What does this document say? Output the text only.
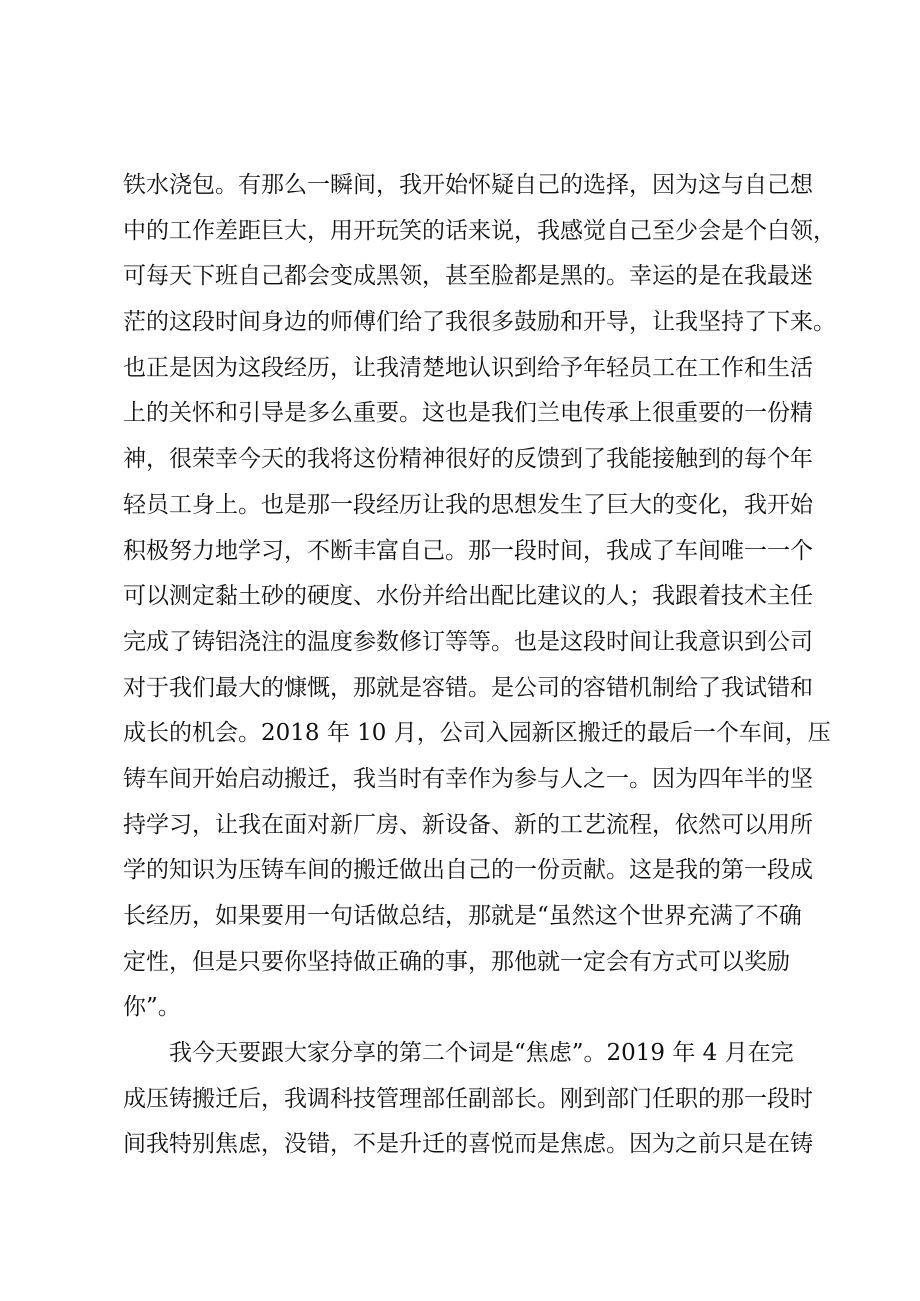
铁水浇包。有那么一瞬间，我开始怀疑自己的选择，因为这与自己想
中的工作差距巨大，用开玩笑的话来说，我感觉自己至少会是个白领，
可每天下班自己都会变成黑领，甚至脸都是黑的。幸运的是在我最迷
茫的这段时间身边的师傅们给了我很多鼓励和开导，让我坚持了下来。
也正是因为这段经历，让我清楚地认识到给予年轻员工在工作和生活
上的关怀和引导是多么重要。这也是我们兰电传承上很重要的一份精
神，很荣幸今天的我将这份精神很好的反馈到了我能接触到的每个年
轻员工身上。也是那一段经历让我的思想发生了巨大的变化，我开始
积极努力地学习，不断丰富自己。那一段时间，我成了车间唯一一个
可以测定黏土砂的硬度、水份并给出配比建议的人；我跟着技术主任
完成了铸铝浇注的温度参数修订等等。也是这段时间让我意识到公司
对于我们最大的慷慨，那就是容错。是公司的容错机制给了我试错和
成长的机会。2018 年 10 月，公司入园新区搬迁的最后一个车间，压
铸车间开始启动搬迁，我当时有幸作为参与人之一。因为四年半的坚
持学习，让我在面对新厂房、新设备、新的工艺流程，依然可以用所
学的知识为压铸车间的搬迁做出自己的一份贡献。这是我的第一段成
长经历，如果要用一句话做总结，那就是“虽然这个世界充满了不确
定性，但是只要你坚持做正确的事，那他就一定会有方式可以奖励
你”。
我今天要跟大家分享的第二个词是“焦虑”。2019 年 4 月在完
成压铸搬迁后，我调科技管理部任副部长。刚到部门任职的那一段时
间我特别焦虑，没错，不是升迁的喜悦而是焦虑。因为之前只是在铸
